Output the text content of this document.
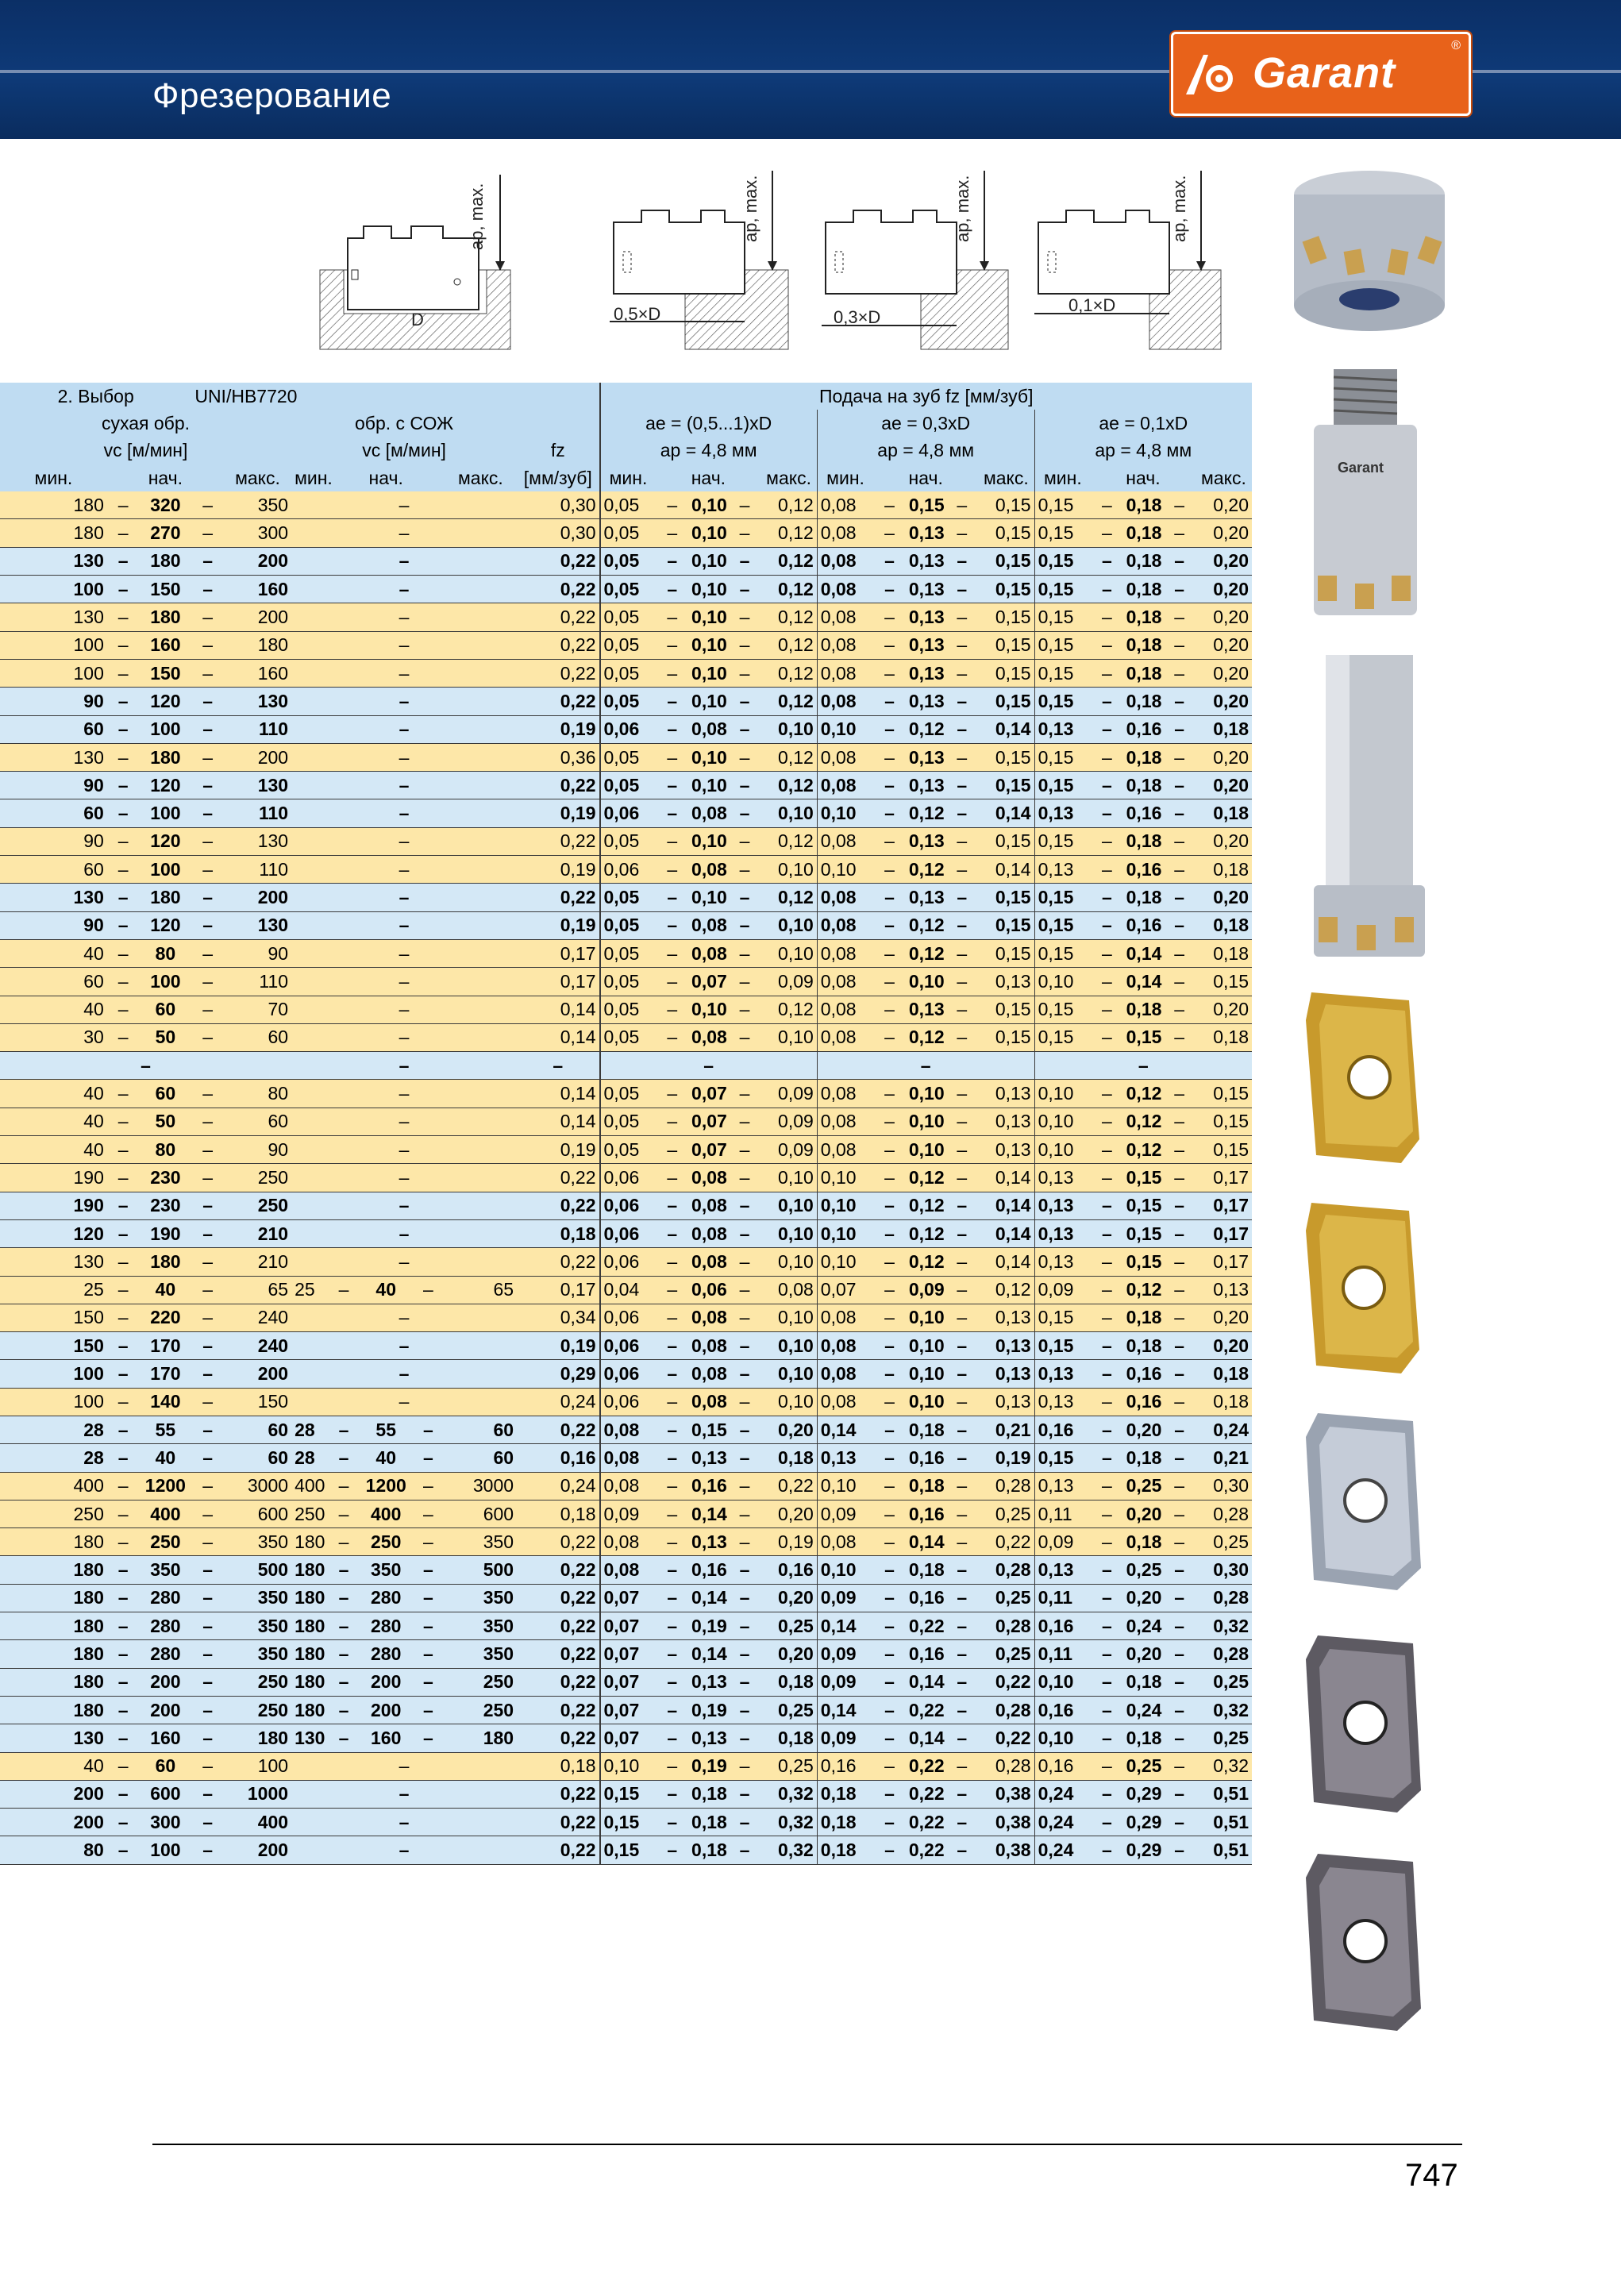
Фрезерование	Garant
®
D
ap, max.
0,5×D
ap, max.
0,3×D
ap, max.
0,1×D
ap, max.
Garant
2. Выбор			UNI/HB7720								Подача на зуб fz [мм/зуб]														
сухая обр.					обр. с СОЖ						ae = (0,5...1)xD					ae = 0,3xD					ae = 0,1xD				
vc [м/мин]					vc [м/мин]					fz	ap = 4,8 мм					ap = 4,8 мм					ap = 4,8 мм				
мин.	нач.			макс.	мин.	нач.			макс.	[мм/зуб]	мин.	нач.			макс.	мин.	нач.			макс.	мин.	нач.			макс.
180	–	320	–	350	–					0,30	0,05	–	0,10	–	0,12	0,08	–	0,15	–	0,15	0,15	–	0,18	–	0,20
180	–	270	–	300	–					0,30	0,05	–	0,10	–	0,12	0,08	–	0,13	–	0,15	0,15	–	0,18	–	0,20
130	–	180	–	200	–					0,22	0,05	–	0,10	–	0,12	0,08	–	0,13	–	0,15	0,15	–	0,18	–	0,20
100	–	150	–	160	–					0,22	0,05	–	0,10	–	0,12	0,08	–	0,13	–	0,15	0,15	–	0,18	–	0,20
130	–	180	–	200	–					0,22	0,05	–	0,10	–	0,12	0,08	–	0,13	–	0,15	0,15	–	0,18	–	0,20
100	–	160	–	180	–					0,22	0,05	–	0,10	–	0,12	0,08	–	0,13	–	0,15	0,15	–	0,18	–	0,20
100	–	150	–	160	–					0,22	0,05	–	0,10	–	0,12	0,08	–	0,13	–	0,15	0,15	–	0,18	–	0,20
90	–	120	–	130	–					0,22	0,05	–	0,10	–	0,12	0,08	–	0,13	–	0,15	0,15	–	0,18	–	0,20
60	–	100	–	110	–					0,19	0,06	–	0,08	–	0,10	0,10	–	0,12	–	0,14	0,13	–	0,16	–	0,18
130	–	180	–	200	–					0,36	0,05	–	0,10	–	0,12	0,08	–	0,13	–	0,15	0,15	–	0,18	–	0,20
90	–	120	–	130	–					0,22	0,05	–	0,10	–	0,12	0,08	–	0,13	–	0,15	0,15	–	0,18	–	0,20
60	–	100	–	110	–					0,19	0,06	–	0,08	–	0,10	0,10	–	0,12	–	0,14	0,13	–	0,16	–	0,18
90	–	120	–	130	–					0,22	0,05	–	0,10	–	0,12	0,08	–	0,13	–	0,15	0,15	–	0,18	–	0,20
60	–	100	–	110	–					0,19	0,06	–	0,08	–	0,10	0,10	–	0,12	–	0,14	0,13	–	0,16	–	0,18
130	–	180	–	200	–					0,22	0,05	–	0,10	–	0,12	0,08	–	0,13	–	0,15	0,15	–	0,18	–	0,20
90	–	120	–	130	–					0,19	0,05	–	0,08	–	0,10	0,08	–	0,12	–	0,15	0,15	–	0,16	–	0,18
40	–	80	–	90	–					0,17	0,05	–	0,08	–	0,10	0,08	–	0,12	–	0,15	0,15	–	0,14	–	0,18
60	–	100	–	110	–					0,17	0,05	–	0,07	–	0,09	0,08	–	0,10	–	0,13	0,10	–	0,14	–	0,15
40	–	60	–	70	–					0,14	0,05	–	0,10	–	0,12	0,08	–	0,13	–	0,15	0,15	–	0,18	–	0,20
30	–	50	–	60	–					0,14	0,05	–	0,08	–	0,10	0,08	–	0,12	–	0,15	0,15	–	0,15	–	0,18
–					–					–	–					–					–				
40	–	60	–	80	–					0,14	0,05	–	0,07	–	0,09	0,08	–	0,10	–	0,13	0,10	–	0,12	–	0,15
40	–	50	–	60	–					0,14	0,05	–	0,07	–	0,09	0,08	–	0,10	–	0,13	0,10	–	0,12	–	0,15
40	–	80	–	90	–					0,19	0,05	–	0,07	–	0,09	0,08	–	0,10	–	0,13	0,10	–	0,12	–	0,15
190	–	230	–	250	–					0,22	0,06	–	0,08	–	0,10	0,10	–	0,12	–	0,14	0,13	–	0,15	–	0,17
190	–	230	–	250	–					0,22	0,06	–	0,08	–	0,10	0,10	–	0,12	–	0,14	0,13	–	0,15	–	0,17
120	–	190	–	210	–					0,18	0,06	–	0,08	–	0,10	0,10	–	0,12	–	0,14	0,13	–	0,15	–	0,17
130	–	180	–	210	–					0,22	0,06	–	0,08	–	0,10	0,10	–	0,12	–	0,14	0,13	–	0,15	–	0,17
25	–	40	–	65	25	–	40	–	65	0,17	0,04	–	0,06	–	0,08	0,07	–	0,09	–	0,12	0,09	–	0,12	–	0,13
150	–	220	–	240	–					0,34	0,06	–	0,08	–	0,10	0,08	–	0,10	–	0,13	0,15	–	0,18	–	0,20
150	–	170	–	240	–					0,19	0,06	–	0,08	–	0,10	0,08	–	0,10	–	0,13	0,15	–	0,18	–	0,20
100	–	170	–	200	–					0,29	0,06	–	0,08	–	0,10	0,08	–	0,10	–	0,13	0,13	–	0,16	–	0,18
100	–	140	–	150	–					0,24	0,06	–	0,08	–	0,10	0,08	–	0,10	–	0,13	0,13	–	0,16	–	0,18
28	–	55	–	60	28	–	55	–	60	0,22	0,08	–	0,15	–	0,20	0,14	–	0,18	–	0,21	0,16	–	0,20	–	0,24
28	–	40	–	60	28	–	40	–	60	0,16	0,08	–	0,13	–	0,18	0,13	–	0,16	–	0,19	0,15	–	0,18	–	0,21
400	–	1200	–	3000	400	–	1200	–	3000	0,24	0,08	–	0,16	–	0,22	0,10	–	0,18	–	0,28	0,13	–	0,25	–	0,30
250	–	400	–	600	250	–	400	–	600	0,18	0,09	–	0,14	–	0,20	0,09	–	0,16	–	0,25	0,11	–	0,20	–	0,28
180	–	250	–	350	180	–	250	–	350	0,22	0,08	–	0,13	–	0,19	0,08	–	0,14	–	0,22	0,09	–	0,18	–	0,25
180	–	350	–	500	180	–	350	–	500	0,22	0,08	–	0,16	–	0,16	0,10	–	0,18	–	0,28	0,13	–	0,25	–	0,30
180	–	280	–	350	180	–	280	–	350	0,22	0,07	–	0,14	–	0,20	0,09	–	0,16	–	0,25	0,11	–	0,20	–	0,28
180	–	280	–	350	180	–	280	–	350	0,22	0,07	–	0,19	–	0,25	0,14	–	0,22	–	0,28	0,16	–	0,24	–	0,32
180	–	280	–	350	180	–	280	–	350	0,22	0,07	–	0,14	–	0,20	0,09	–	0,16	–	0,25	0,11	–	0,20	–	0,28
180	–	200	–	250	180	–	200	–	250	0,22	0,07	–	0,13	–	0,18	0,09	–	0,14	–	0,22	0,10	–	0,18	–	0,25
180	–	200	–	250	180	–	200	–	250	0,22	0,07	–	0,19	–	0,25	0,14	–	0,22	–	0,28	0,16	–	0,24	–	0,32
130	–	160	–	180	130	–	160	–	180	0,22	0,07	–	0,13	–	0,18	0,09	–	0,14	–	0,22	0,10	–	0,18	–	0,25
40	–	60	–	100	–					0,18	0,10	–	0,19	–	0,25	0,16	–	0,22	–	0,28	0,16	–	0,25	–	0,32
200	–	600	–	1000	–					0,22	0,15	–	0,18	–	0,32	0,18	–	0,22	–	0,38	0,24	–	0,29	–	0,51
200	–	300	–	400	–					0,22	0,15	–	0,18	–	0,32	0,18	–	0,22	–	0,38	0,24	–	0,29	–	0,51
80	–	100	–	200	–					0,22	0,15	–	0,18	–	0,32	0,18	–	0,22	–	0,38	0,24	–	0,29	–	0,51
747
